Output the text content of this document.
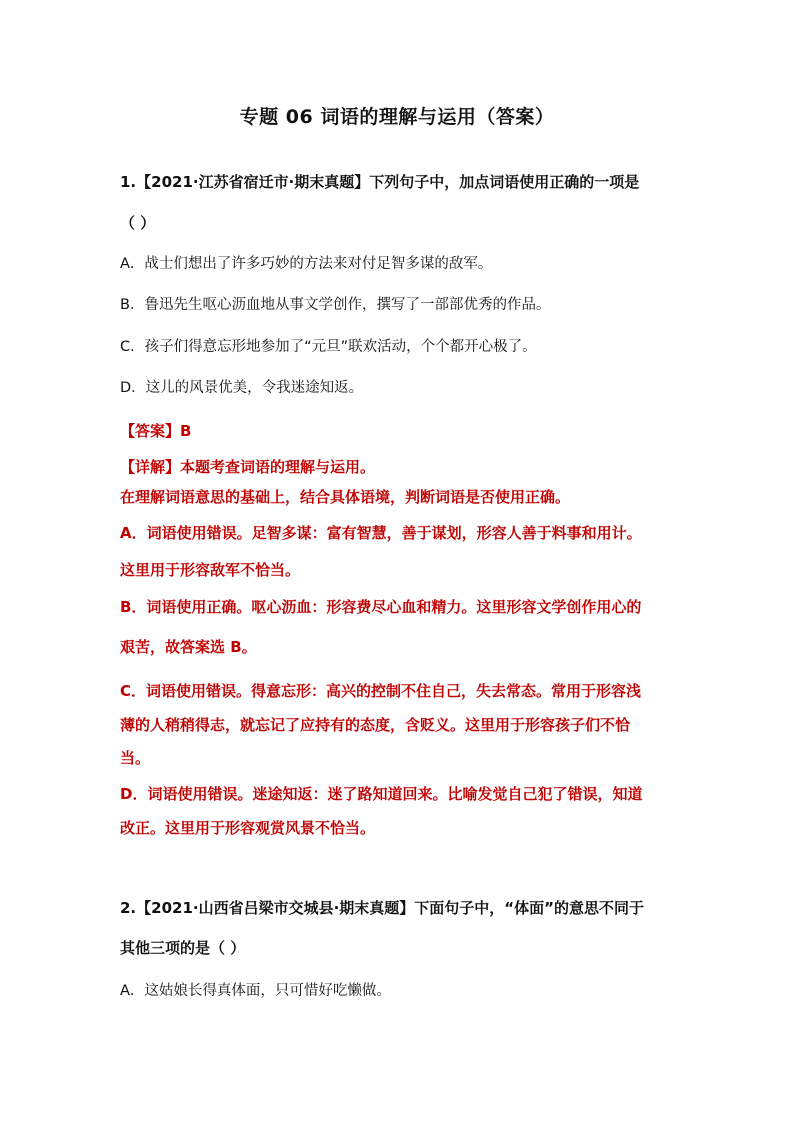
专题 06 词语的理解与运用（答案）
1.【2021·江苏省宿迁市·期末真题】下列句子中，加点词语使用正确的一项是
（ ）
A．战士们想出了许多巧妙的方法来对付足智多谋的敌军。
B．鲁迅先生呕心沥血地从事文学创作，撰写了一部部优秀的作品。
C．孩子们得意忘形地参加了“元旦”联欢活动，个个都开心极了。
D．这儿的风景优美，令我迷途知返。
【答案】B
【详解】本题考查词语的理解与运用。
在理解词语意思的基础上，结合具体语境，判断词语是否使用正确。
A．词语使用错误。足智多谋：富有智慧，善于谋划，形容人善于料事和用计。
这里用于形容敌军不恰当。
B．词语使用正确。呕心沥血：形容费尽心血和精力。这里形容文学创作用心的
艰苦，故答案选 B。
C．词语使用错误。得意忘形：高兴的控制不住自己，失去常态。常用于形容浅
薄的人稍稍得志，就忘记了应持有的态度，含贬义。这里用于形容孩子们不恰
当。
D．词语使用错误。迷途知返：迷了路知道回来。比喻发觉自己犯了错误，知道
改正。这里用于形容观赏风景不恰当。
2.【2021·山西省吕梁市交城县·期末真题】下面句子中，“体面”的意思不同于
其他三项的是（ ）
A．这姑娘长得真体面，只可惜好吃懒做。
